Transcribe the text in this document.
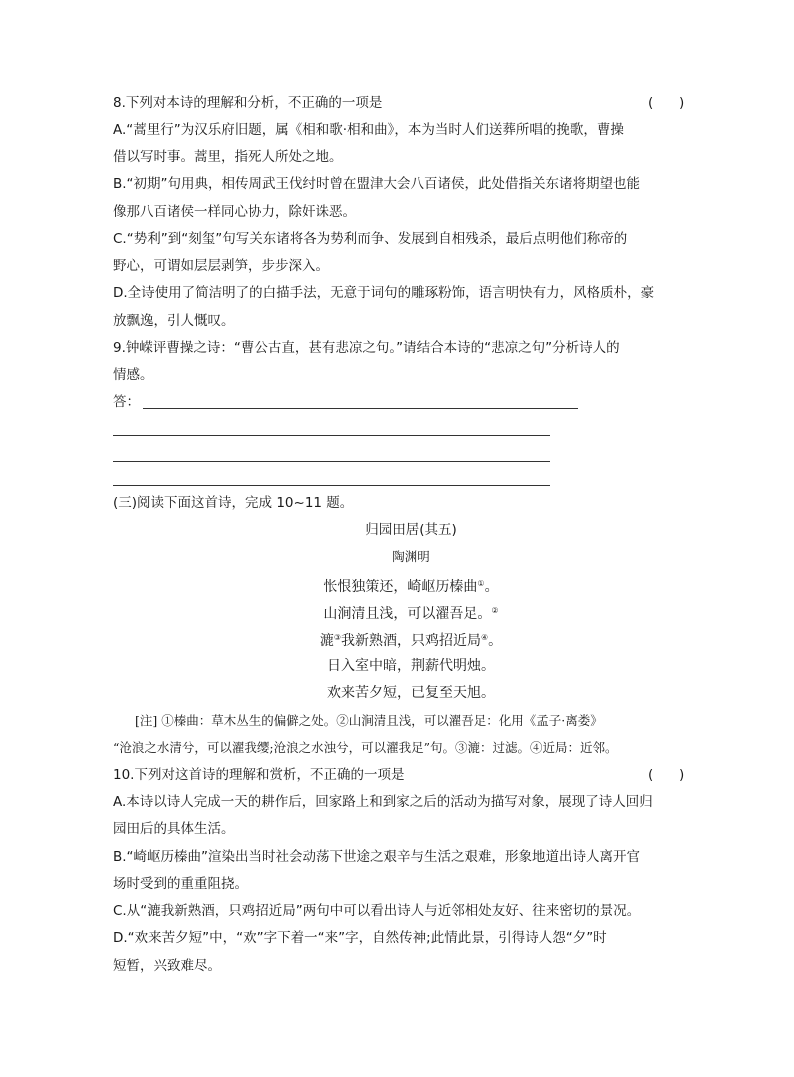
8.下列对本诗的理解和分析，不正确的一项是	(      )
A.“蒿里行”为汉乐府旧题，属《相和歌·相和曲》，本为当时人们送葬所唱的挽歌，曹操
借以写时事。蒿里，指死人所处之地。
B.“初期”句用典，相传周武王伐纣时曾在盟津大会八百诸侯，此处借指关东诸将期望也能
像那八百诸侯一样同心协力，除奸诛恶。
C.“势利”到“刻玺”句写关东诸将各为势利而争、发展到自相残杀，最后点明他们称帝的
野心，可谓如层层剥笋，步步深入。
D.全诗使用了简洁明了的白描手法，无意于词句的雕琢粉饰，语言明快有力，风格质朴，豪
放飘逸，引人慨叹。
9.钟嵘评曹操之诗：“曹公古直，甚有悲凉之句。”请结合本诗的“悲凉之句”分析诗人的
情感。
答：
(三)阅读下面这首诗，完成 10~11 题。
归园田居(其五)
陶渊明
怅恨独策还，崎岖历榛曲①。
山涧清且浅，可以濯吾足。②
漉③我新熟酒，只鸡招近局④。
日入室中暗，荆薪代明烛。
欢来苦夕短，已复至天旭。
[注] ①榛曲：草木丛生的偏僻之处。②山涧清且浅，可以濯吾足：化用《孟子·离娄》
“沧浪之水清兮，可以濯我缨;沧浪之水浊兮，可以濯我足”句。③漉：过滤。④近局：近邻。
10.下列对这首诗的理解和赏析，不正确的一项是	(      )
A.本诗以诗人完成一天的耕作后，回家路上和到家之后的活动为描写对象，展现了诗人回归
园田后的具体生活。
B.“崎岖历榛曲”渲染出当时社会动荡下世途之艰辛与生活之艰难，形象地道出诗人离开官
场时受到的重重阻挠。
C.从“漉我新熟酒，只鸡招近局”两句中可以看出诗人与近邻相处友好、往来密切的景况。
D.“欢来苦夕短”中，“欢”字下着一“来”字，自然传神;此情此景，引得诗人怨“夕”时
短暂，兴致难尽。
